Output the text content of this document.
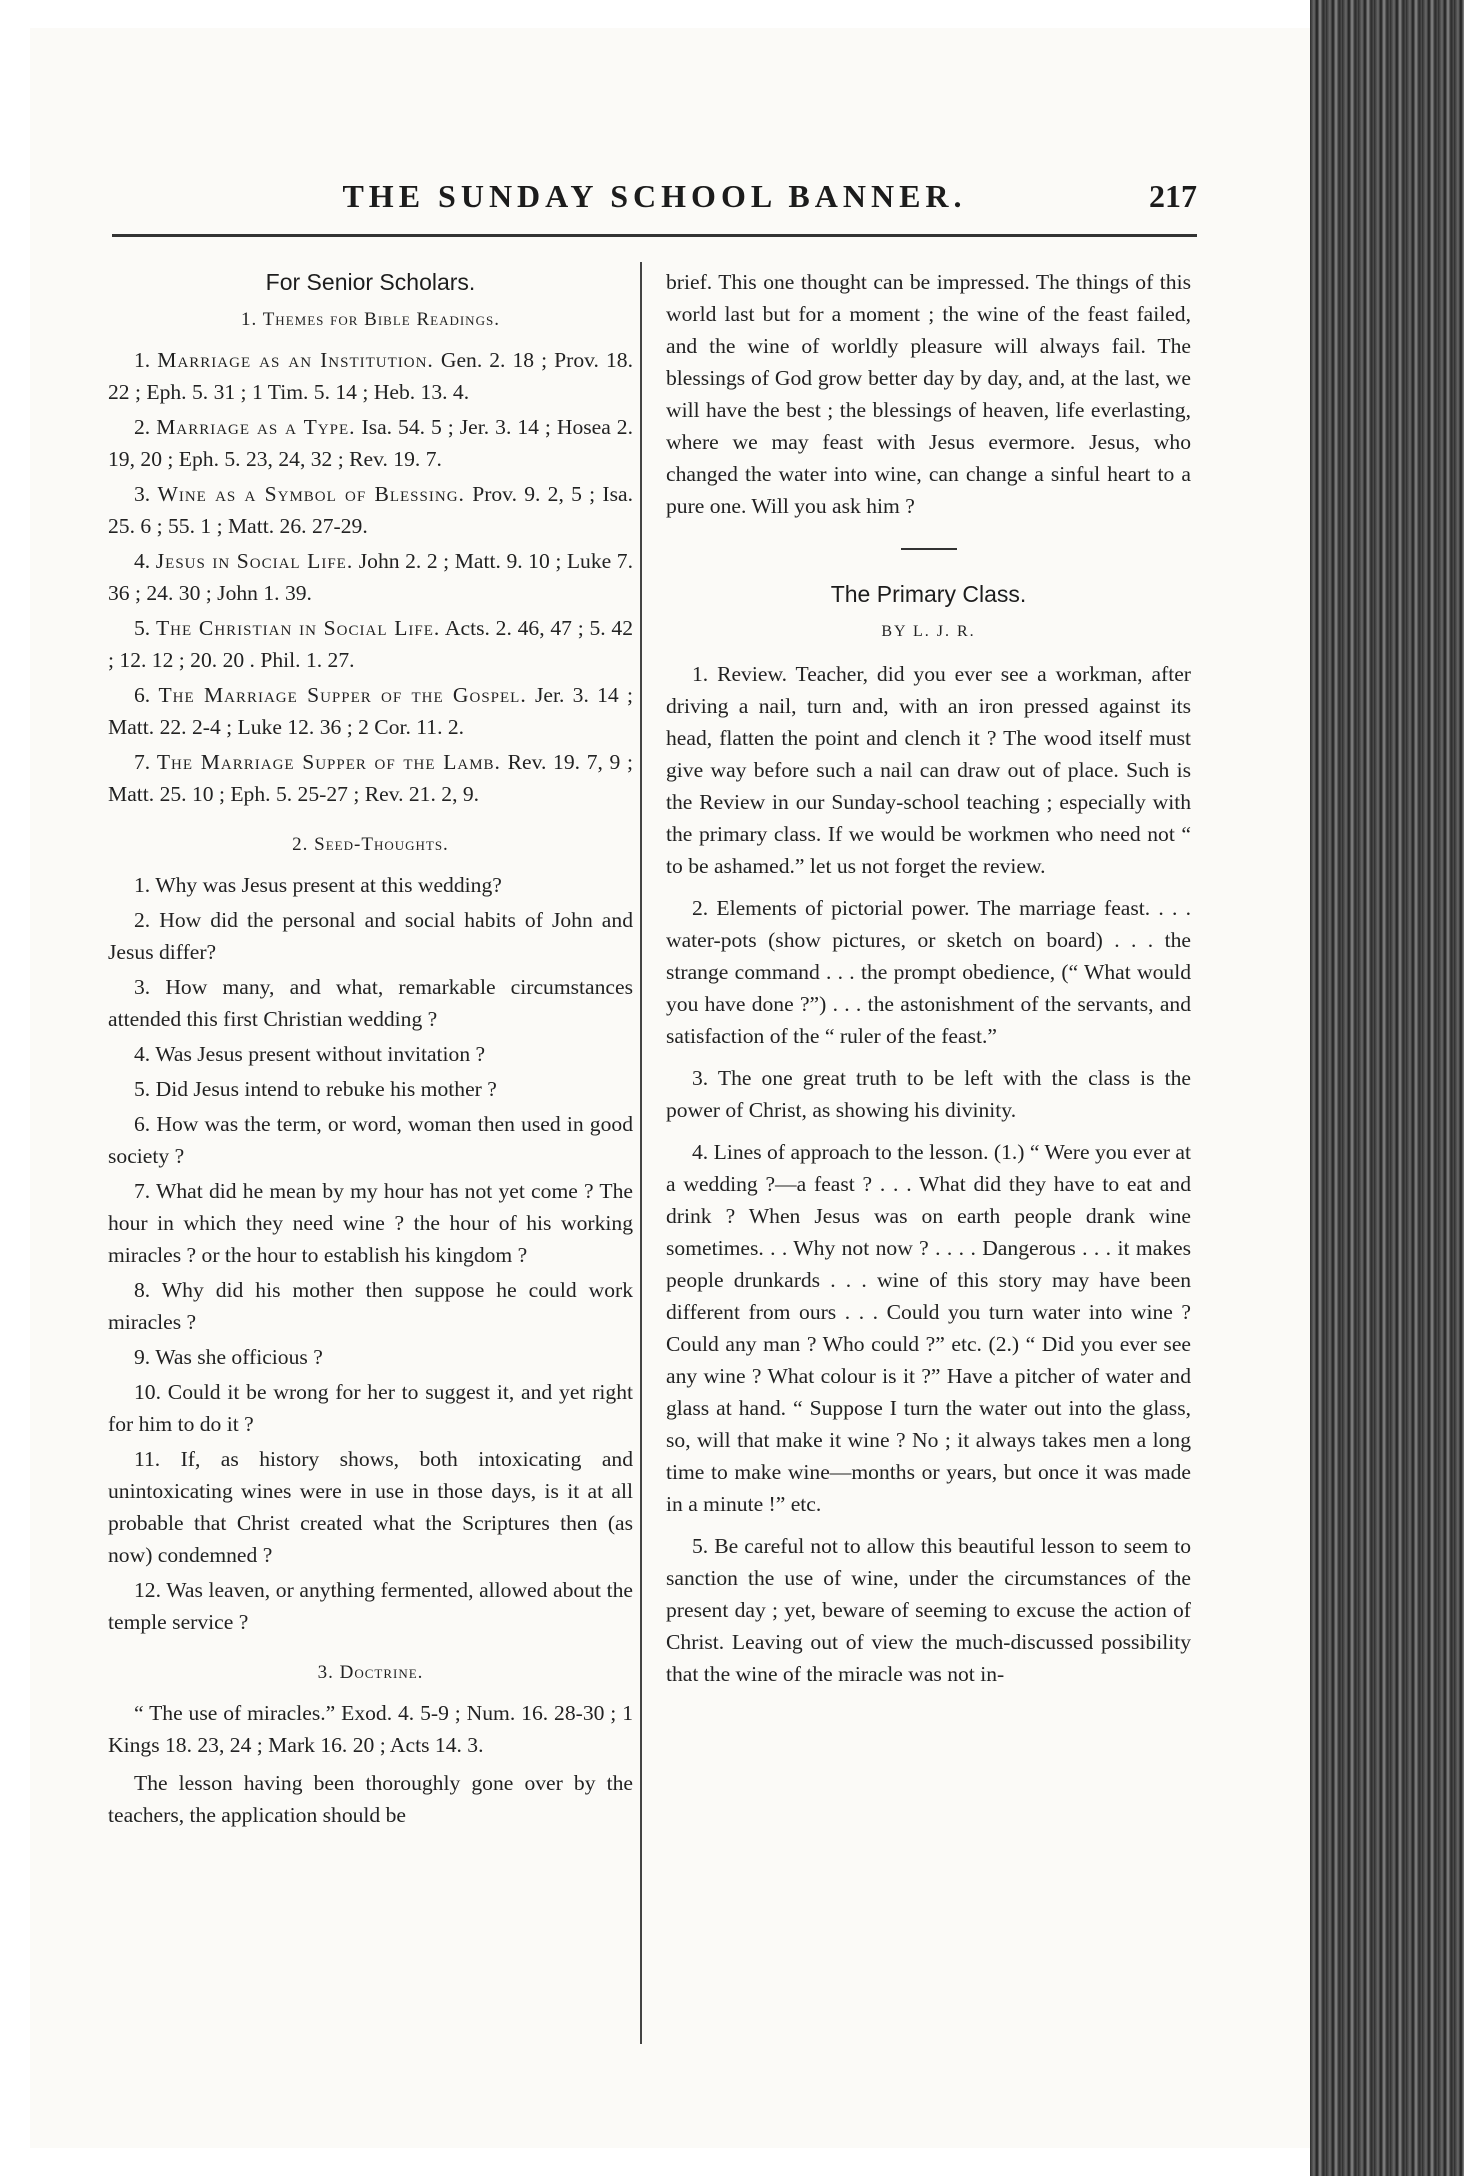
THE SUNDAY SCHOOL BANNER.	217
For Senior Scholars.
1. Themes for Bible Readings.

1. Marriage as an Institution. Gen. 2. 18 ; Prov. 18. 22 ; Eph. 5. 31 ; 1 Tim. 5. 14 ; Heb. 13. 4.

2. Marriage as a Type. Isa. 54. 5 ; Jer. 3. 14 ; Hosea 2. 19, 20 ; Eph. 5. 23, 24, 32 ; Rev. 19. 7.

3. Wine as a Symbol of Blessing. Prov. 9. 2, 5 ; Isa. 25. 6 ; 55. 1 ; Matt. 26. 27-29.

4. Jesus in Social Life. John 2. 2 ; Matt. 9. 10 ; Luke 7. 36 ; 24. 30 ; John 1. 39.

5. The Christian in Social Life. Acts. 2. 46, 47 ; 5. 42 ; 12. 12 ; 20. 20 . Phil. 1. 27.

6. The Marriage Supper of the Gospel. Jer. 3. 14 ; Matt. 22. 2-4 ; Luke 12. 36 ; 2 Cor. 11. 2.

7. The Marriage Supper of the Lamb. Rev. 19. 7, 9 ; Matt. 25. 10 ; Eph. 5. 25-27 ; Rev. 21. 2, 9.

2. Seed-Thoughts.

1. Why was Jesus present at this wedding?

2. How did the personal and social habits of John and Jesus differ?

3. How many, and what, remarkable circumstances attended this first Christian wedding ?

4. Was Jesus present without invitation ?

5. Did Jesus intend to rebuke his mother ?

6. How was the term, or word, woman then used in good society ?

7. What did he mean by my hour has not yet come ? The hour in which they need wine ? the hour of his working miracles ? or the hour to establish his kingdom ?

8. Why did his mother then suppose he could work miracles ?

9. Was she officious ?

10. Could it be wrong for her to suggest it, and yet right for him to do it ?

11. If, as history shows, both intoxicating and unintoxicating wines were in use in those days, is it at all probable that Christ created what the Scriptures then (as now) condemned ?

12. Was leaven, or anything fermented, allowed about the temple service ?

3. Doctrine.

“ The use of miracles.” Exod. 4. 5-9 ; Num. 16. 28-30 ; 1 Kings 18. 23, 24 ; Mark 16. 20 ; Acts 14. 3.

The lesson having been thoroughly gone over by the teachers, the application should be

brief. This one thought can be impressed. The things of this world last but for a moment ; the wine of the feast failed, and the wine of worldly pleasure will always fail. The blessings of God grow better day by day, and, at the last, we will have the best ; the blessings of heaven, life everlasting, where we may feast with Jesus evermore. Jesus, who changed the water into wine, can change a sinful heart to a pure one. Will you ask him ?

The Primary Class.
BY L. J. R.

1. Review. Teacher, did you ever see a workman, after driving a nail, turn and, with an iron pressed against its head, flatten the point and clench it ? The wood itself must give way before such a nail can draw out of place. Such is the Review in our Sunday-school teaching ; especially with the primary class. If we would be workmen who need not “ to be ashamed.” let us not forget the review.

2. Elements of pictorial power. The marriage feast. . . . water-pots (show pictures, or sketch on board) . . . the strange command . . . the prompt obedience, (“ What would you have done ?”) . . . the astonishment of the servants, and satisfaction of the “ ruler of the feast.”

3. The one great truth to be left with the class is the power of Christ, as showing his divinity.

4. Lines of approach to the lesson. (1.) “ Were you ever at a wedding ?—a feast ? . . . What did they have to eat and drink ? When Jesus was on earth people drank wine sometimes. . . Why not now ? . . . . Dangerous . . . it makes people drunkards . . . wine of this story may have been different from ours . . . Could you turn water into wine ? Could any man ? Who could ?” etc. (2.) “ Did you ever see any wine ? What colour is it ?” Have a pitcher of water and glass at hand. “ Suppose I turn the water out into the glass, so, will that make it wine ? No ; it always takes men a long time to make wine—months or years, but once it was made in a minute !” etc.

5. Be careful not to allow this beautiful lesson to seem to sanction the use of wine, under the circumstances of the present day ; yet, beware of seeming to excuse the action of Christ. Leaving out of view the much-discussed possibility that the wine of the miracle was not in-
